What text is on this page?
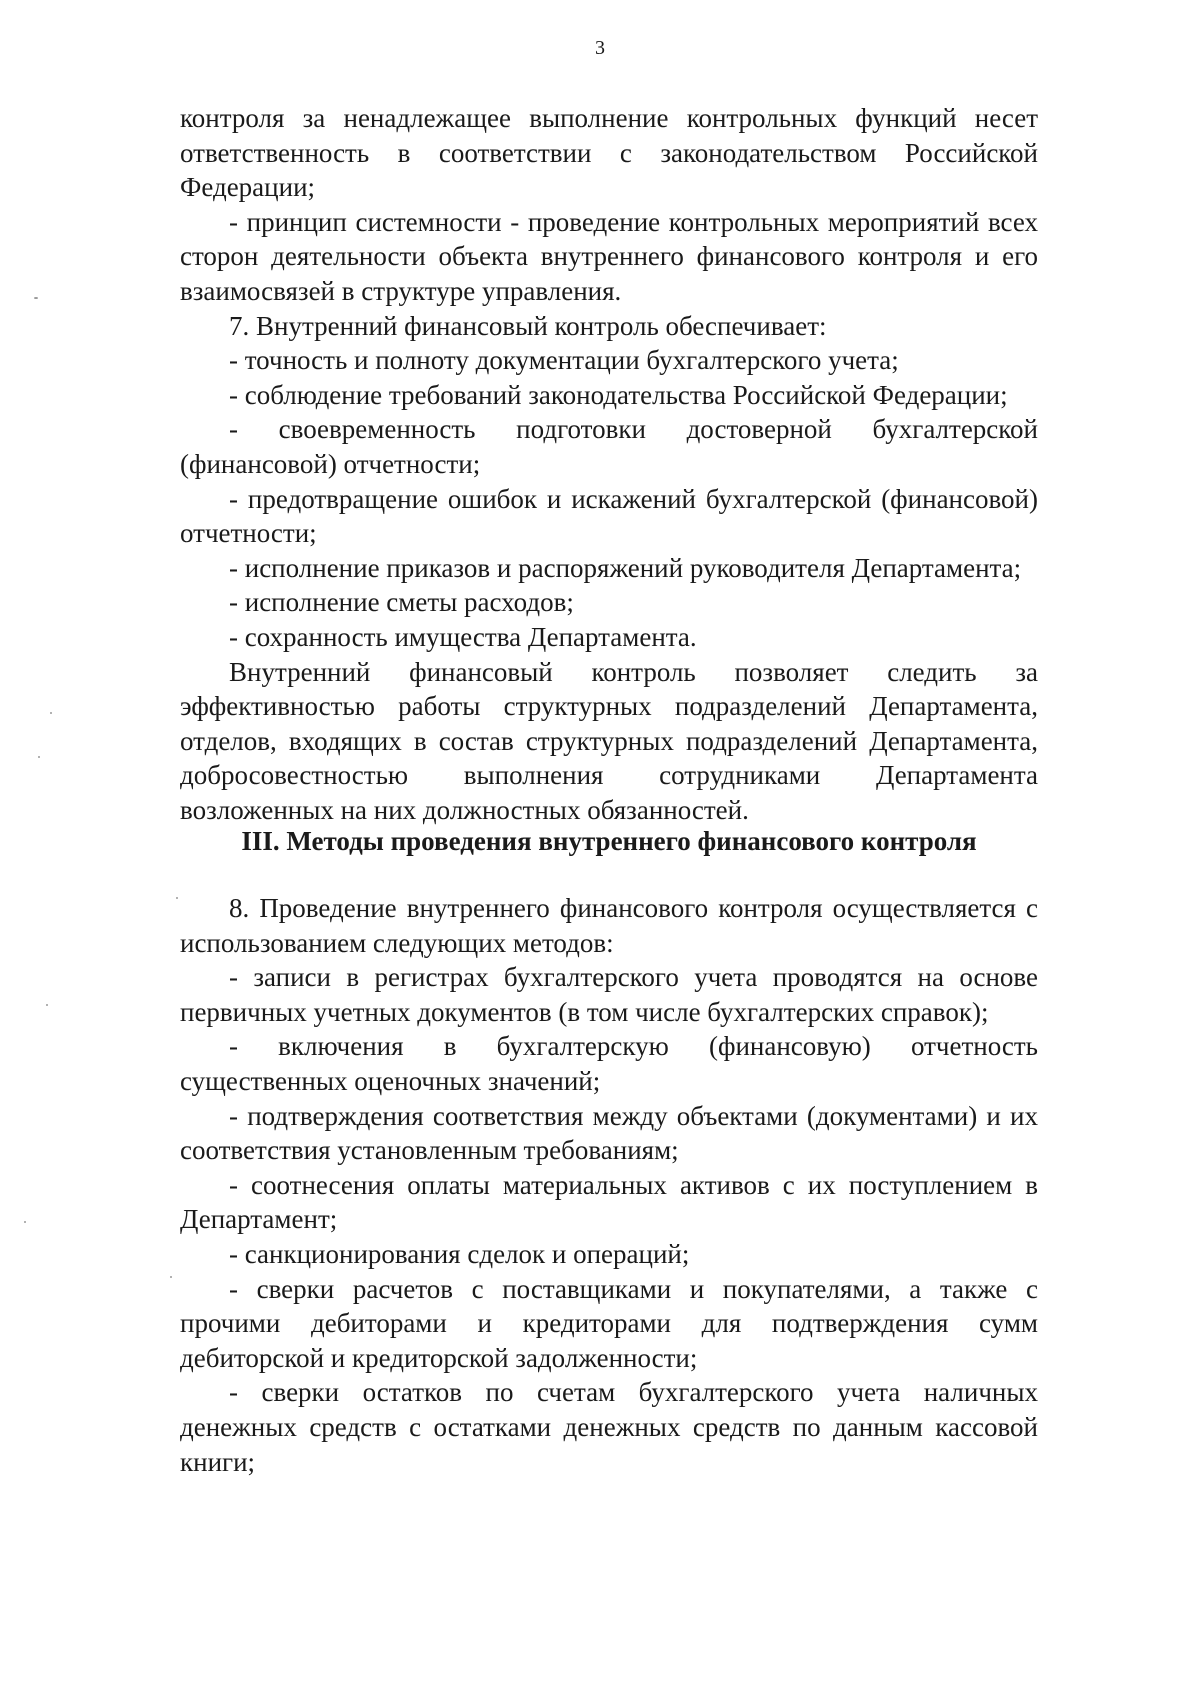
3

контроля за ненадлежащее выполнение контрольных функций несет ответственность в соответствии с законодательством Российской Федерации;

- принцип системности - проведение контрольных мероприятий всех сторон деятельности объекта внутреннего финансового контроля и его взаимосвязей в структуре управления.

7. Внутренний финансовый контроль обеспечивает:

- точность и полноту документации бухгалтерского учета;

- соблюдение требований законодательства Российской Федерации;

- своевременность подготовки достоверной бухгалтерской (финансовой) отчетности;

- предотвращение ошибок и искажений бухгалтерской (финансовой) отчетности;

- исполнение приказов и распоряжений руководителя Департамента;

- исполнение сметы расходов;

- сохранность имущества Департамента.

Внутренний финансовый контроль позволяет следить за эффективностью работы структурных подразделений Департамента, отделов, входящих в состав структурных подразделений Департамента, добросовестностью выполнения сотрудниками Департамента возложенных на них должностных обязанностей.

III. Методы проведения внутреннего финансового контроля

8. Проведение внутреннего финансового контроля осуществляется с использованием следующих методов:

- записи в регистрах бухгалтерского учета проводятся на основе первичных учетных документов (в том числе бухгалтерских справок);

- включения в бухгалтерскую (финансовую) отчетность существенных оценочных значений;

- подтверждения соответствия между объектами (документами) и их соответствия установленным требованиям;

- соотнесения оплаты материальных активов с их поступлением в Департамент;

- санкционирования сделок и операций;

- сверки расчетов с поставщиками и покупателями, а также с прочими дебиторами и кредиторами для подтверждения сумм дебиторской и кредиторской задолженности;

- сверки остатков по счетам бухгалтерского учета наличных денежных средств с остатками денежных средств по данным кассовой книги;
